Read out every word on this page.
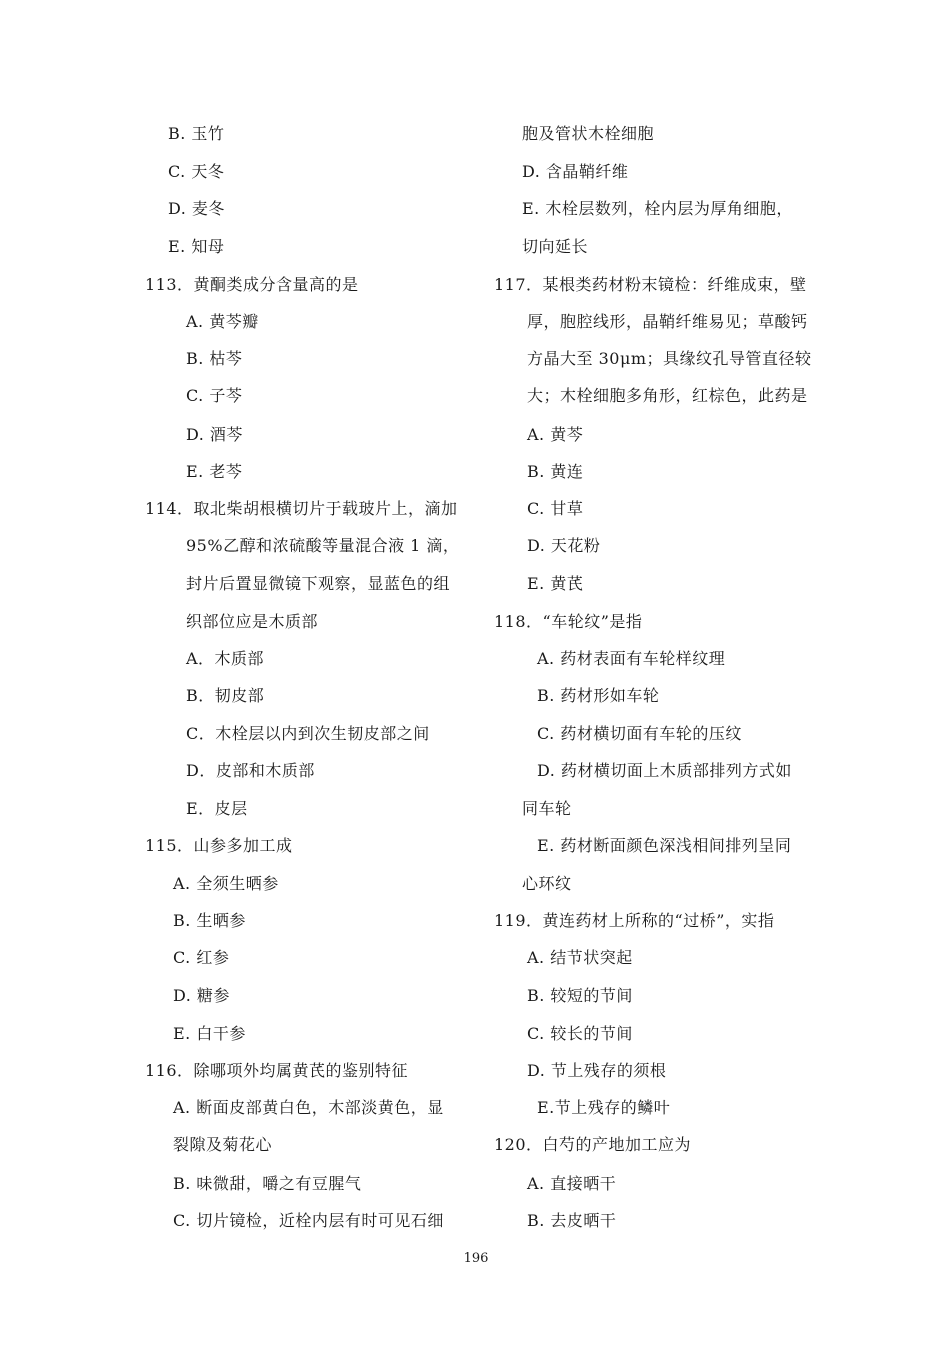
B. 玉竹
C. 天冬
D. 麦冬
E. 知母
113．黄酮类成分含量高的是
A. 黄芩瓣
B. 枯芩
C. 子芩
D. 酒芩
E. 老芩
114．取北柴胡根横切片于载玻片上，滴加
95%乙醇和浓硫酸等量混合液 1 滴，
封片后置显微镜下观察，显蓝色的组
织部位应是木质部
A．木质部
B．韧皮部
C．木栓层以内到次生韧皮部之间
D．皮部和木质部
E．皮层
115．山参多加工成
A. 全须生晒参
B. 生晒参
C. 红参
D. 糖参
E. 白干参
116．除哪项外均属黄芪的鉴别特征
A. 断面皮部黄白色，木部淡黄色，显
裂隙及菊花心
B. 味微甜，嚼之有豆腥气
C. 切片镜检，近栓内层有时可见石细
胞及管状木栓细胞
D. 含晶鞘纤维
E. 木栓层数列，栓内层为厚角细胞，
切向延长
117．某根类药材粉末镜检：纤维成束，壁
厚，胞腔线形，晶鞘纤维易见；草酸钙
方晶大至 30μm；具缘纹孔导管直径较
大；木栓细胞多角形，红棕色，此药是
A. 黄芩
B. 黄连
C. 甘草
D. 天花粉
E. 黄芪
118．“车轮纹”是指
A. 药材表面有车轮样纹理
B. 药材形如车轮
C. 药材横切面有车轮的压纹
D. 药材横切面上木质部排列方式如
同车轮
E. 药材断面颜色深浅相间排列呈同
心环纹
119．黄连药材上所称的“过桥”，实指
A. 结节状突起
B. 较短的节间
C. 较长的节间
D. 节上残存的须根
E.节上残存的鳞叶
120．白芍的产地加工应为
A. 直接晒干
B. 去皮晒干
196
